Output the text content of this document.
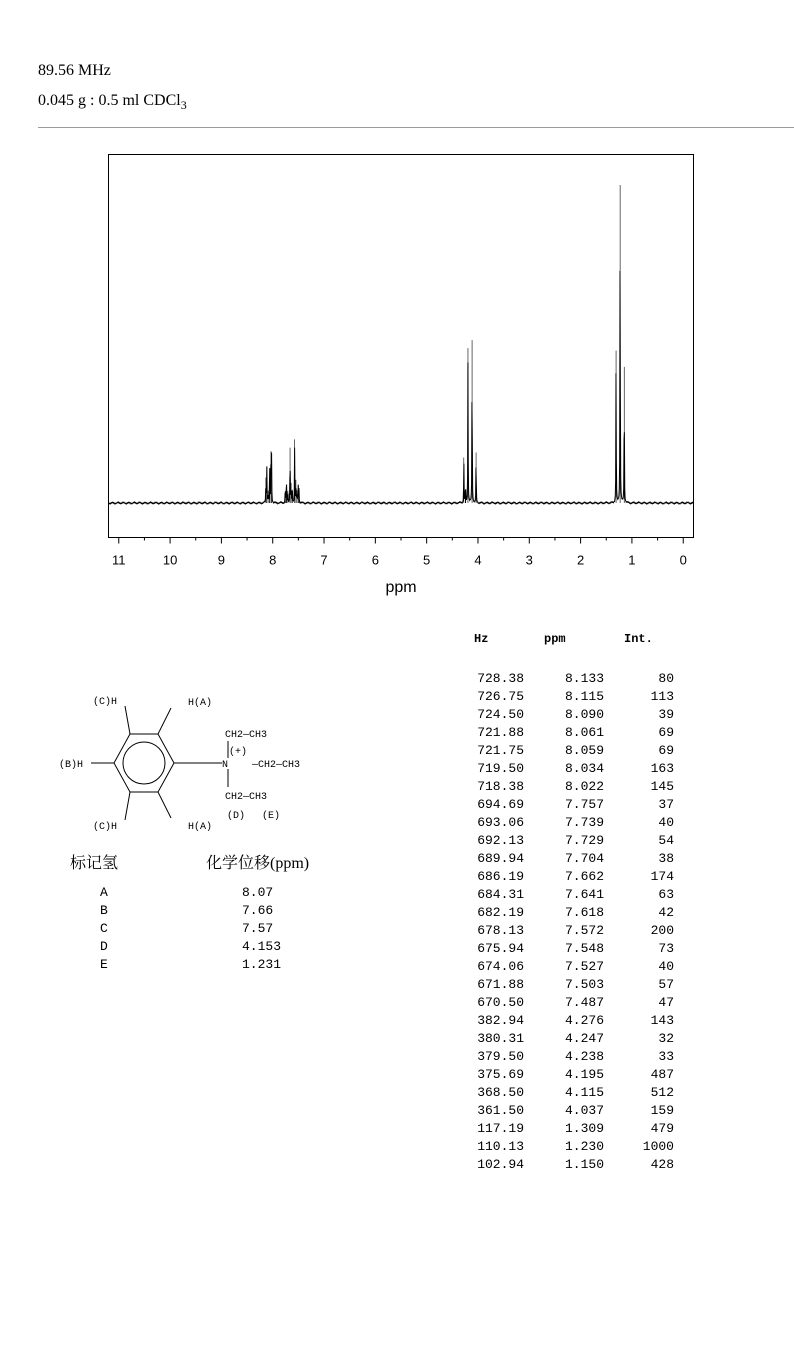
89.56 MHz
0.045 g : 0.5 ml CDCl$_3$
11	10	9	8	7	6	5	4	3	2	1	0
ppm
Hz	ppm	Int.
728.38	8.133	80
726.75	8.115	113
724.50	8.090	39
721.88	8.061	69
721.75	8.059	69
719.50	8.034	163
718.38	8.022	145
694.69	7.757	37
693.06	7.739	40
692.13	7.729	54
689.94	7.704	38
686.19	7.662	174
684.31	7.641	63
682.19	7.618	42
678.13	7.572	200
675.94	7.548	73
674.06	7.527	40
671.88	7.503	57
670.50	7.487	47
382.94	4.276	143
380.31	4.247	32
379.50	4.238	33
375.69	4.195	487
368.50	4.115	512
361.50	4.037	159
117.19	1.309	479
110.13	1.230	1000
102.94	1.150	428
H(A)
(C)H
(B)H
(C)H	H(A)
N
(+)
CH2—CH3
—CH2—CH3
CH2—CH3
(D) (E)
标记氢	化学位移(ppm)
A	8.07
B	7.66
C	7.57
D	4.153
E	1.231
